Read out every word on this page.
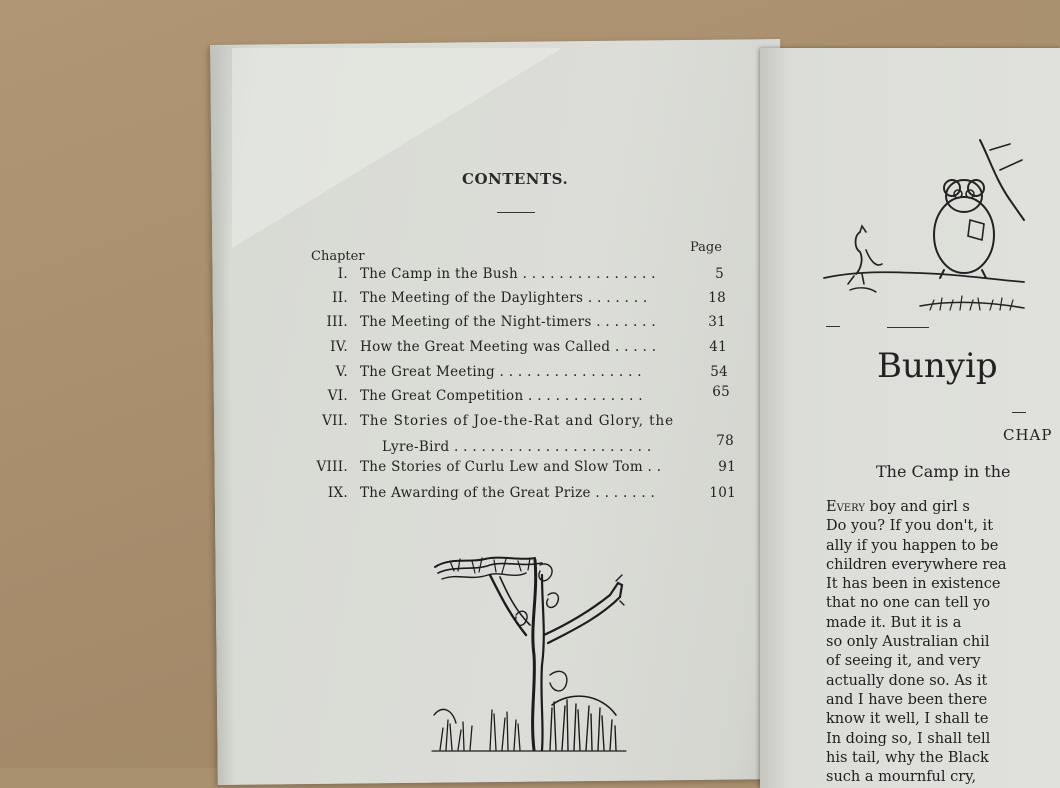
CONTENTS.
Chapter
Page
I. The Camp in the Bush . . . . . . . . . . . . . . .	5
II. The Meeting of the Daylighters . . . . . . .	18
III. The Meeting of the Night-timers . . . . . . .	31
IV. How the Great Meeting was Called . . . . .	41
V. The Great Meeting . . . . . . . . . . . . . . . .	54
VI. The Great Competition . . . . . . . . . . . . .	65
VII. The Stories of Joe-the-Rat and Glory, the
Lyre-Bird . . . . . . . . . . . . . . . . . . . . . .	78
VIII. The Stories of Curlu Lew and Slow Tom . .	91
IX. The Awarding of the Great Prize . . . . . . .	101
Bunyip
CHAP
The Camp in the
Every boy and girl s
Do you? If you don't, it
ally if you happen to be
children everywhere rea
It has been in existence
that no one can tell yo
made it. But it is a
so only Australian chil
of seeing it, and very
actually done so. As it
and I have been there
know it well, I shall te
In doing so, I shall tell
his tail, why the Black
such a mournful cry,
